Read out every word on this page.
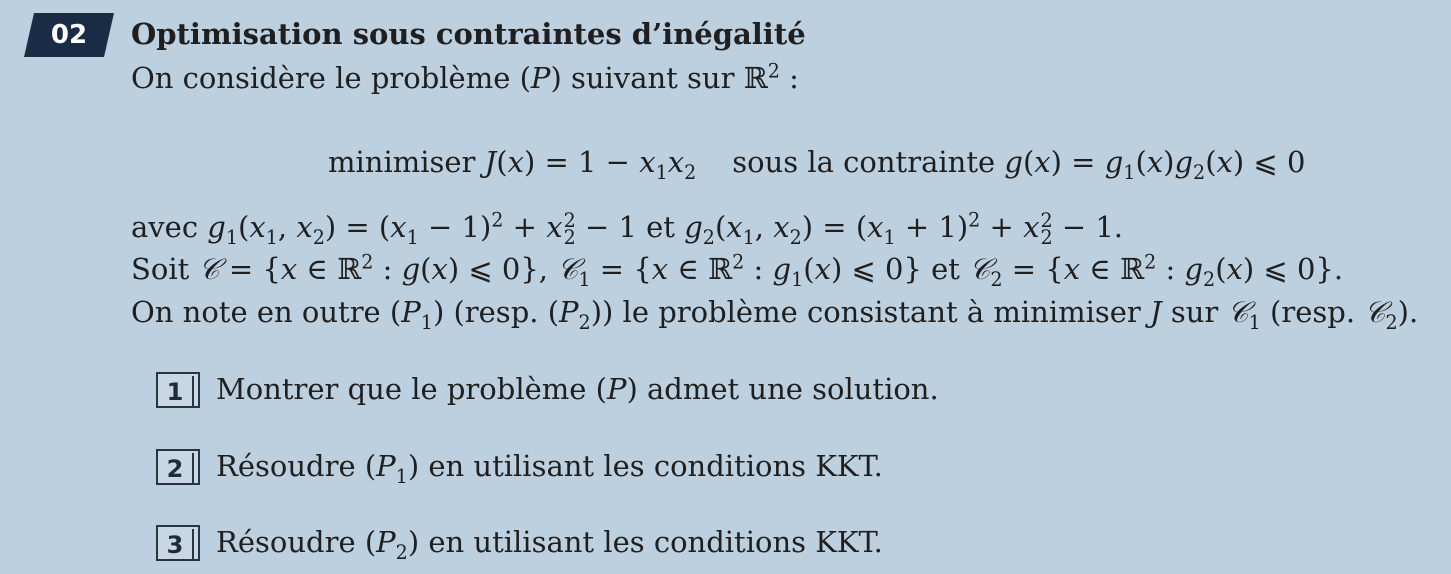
02	Optimisation sous contraintes d’inégalité
On considère le problème (P) suivant sur ℝ$^2$ :
minimiser $J(x) = 1 - x_1x_2$ sous la contrainte $g(x) = g_1(x)g_2(x)$ ⩽ 0
avec $g_1(x_1$, $x_2) = (x_1 - 1)^2 + x$ 2
2 − 1 et $g_2(x_1$, $x_2) = (x_1 + 1)^2 + x$ 2
2 − 1.
Soit 𝒞 = {x ∈ ℝ$^2$ : g(x) ⩽ 0}, 𝒞$_1$ = {x ∈ ℝ$^2$ : $g_1(x)$ ⩽ 0} et 𝒞$_2$ = {x ∈ ℝ$^2$ : $g_2(x)$ ⩽ 0}.
On note en outre $(P_1)$ (resp. $(P_2)$) le problème consistant à minimiser J sur 𝒞$_1$ (resp. 𝒞$_2$).
1 Montrer que le problème (P) admet une solution.
2 Résoudre $(P_1)$ en utilisant les conditions KKT.
3 Résoudre $(P_2)$ en utilisant les conditions KKT.
